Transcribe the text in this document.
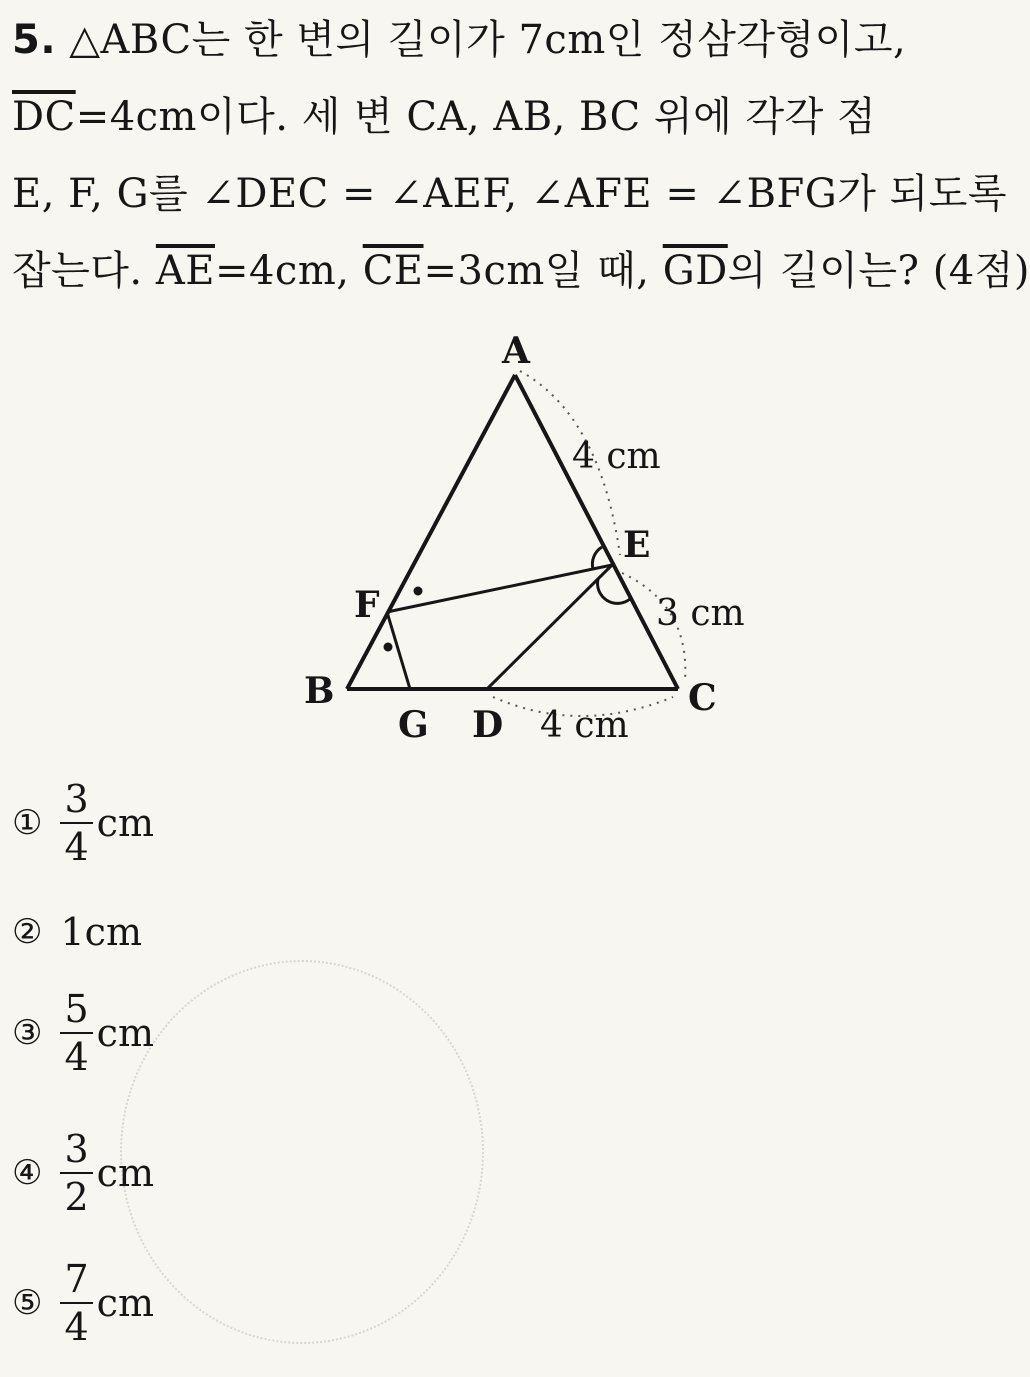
5. △ABC는 한 변의 길이가 7cm인 정삼각형이고,
$\overline{DC}=4cm$이다. 세 변 CA, AB, BC 위에 각각 점
E, F, G를 ∠DEC = ∠AEF, ∠AFE = ∠BFG가 되도록
잡는다. $\overline{AE}=4cm$, $\overline{CE}=3cm$일 때, $\overline{GD}$의 길이는? (4점)
A
B	C
D
E
F
G
4 cm
3 cm
4 cm
① $\frac{3}{4}$ cm
② 1cm
③ $\frac{5}{4}$ cm
④ $\frac{3}{2}$ cm
⑤ $\frac{7}{4}$ cm
